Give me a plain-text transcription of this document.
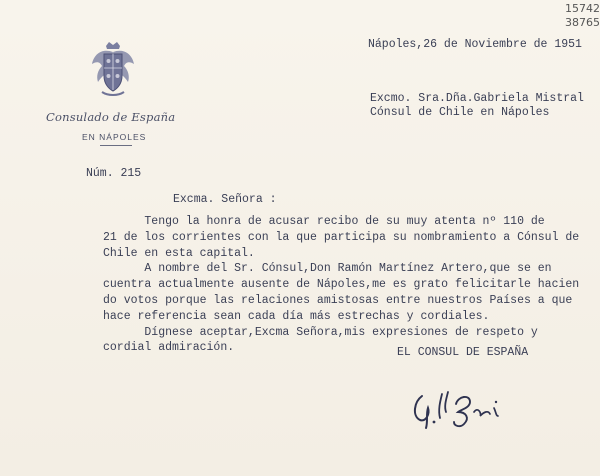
Consulado de España
EN NÁPOLES
15742
38765
Nápoles,26 de Noviembre de 1951
Excmo. Sra.Dña.Gabriela Mistral
Cónsul de Chile en Nápoles
Núm. 215
Excma. Señora :

Tengo la honra de acusar recibo de su muy atenta nº 110 de

21 de los corrientes con la que participa su nombramiento a Cónsul de

Chile en esta capital.

A nombre del Sr. Cónsul,Don Ramón Martínez Artero,que se en

cuentra actualmente ausente de Nápoles,me es grato felicitarle hacien

do votos porque las relaciones amistosas entre nuestros Países a que

hace referencia sean cada día más estrechas y cordiales.

Dígnese aceptar,Excma Señora,mis expresiones de respeto y

cordial admiración.	EL CONSUL DE ESPAÑA
